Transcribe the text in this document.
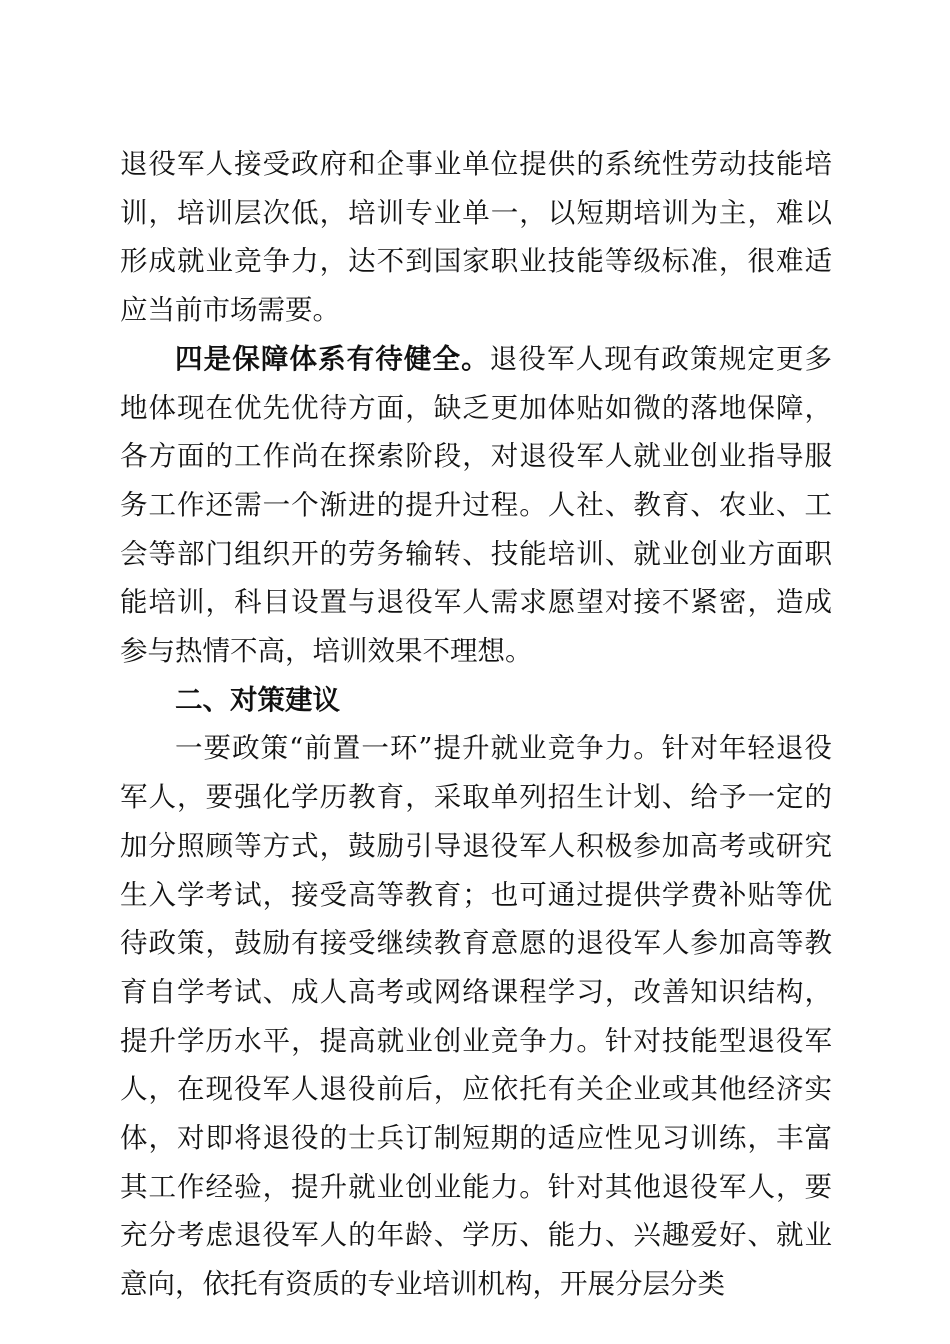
退役军人接受政府和企事业单位提供的系统性劳动技能培训，培训层次低，培训专业单一，以短期培训为主，难以形成就业竞争力，达不到国家职业技能等级标准，很难适应当前市场需要。

四是保障体系有待健全。退役军人现有政策规定更多地体现在优先优待方面，缺乏更加体贴如微的落地保障，各方面的工作尚在探索阶段，对退役军人就业创业指导服务工作还需一个渐进的提升过程。人社、教育、农业、工会等部门组织开的劳务输转、技能培训、就业创业方面职能培训，科目设置与退役军人需求愿望对接不紧密，造成参与热情不高，培训效果不理想。

二、对策建议

一要政策“前置一环”提升就业竞争力。针对年轻退役军人，要强化学历教育，采取单列招生计划、给予一定的加分照顾等方式，鼓励引导退役军人积极参加高考或研究生入学考试，接受高等教育；也可通过提供学费补贴等优待政策，鼓励有接受继续教育意愿的退役军人参加高等教育自学考试、成人高考或网络课程学习，改善知识结构，提升学历水平，提高就业创业竞争力。针对技能型退役军人，在现役军人退役前后，应依托有关企业或其他经济实体，对即将退役的士兵订制短期的适应性见习训练，丰富其工作经验，提升就业创业能力。针对其他退役军人，要充分考虑退役军人的年龄、学历、能力、兴趣爱好、就业意向，依托有资质的专业培训机构，开展分层分类
